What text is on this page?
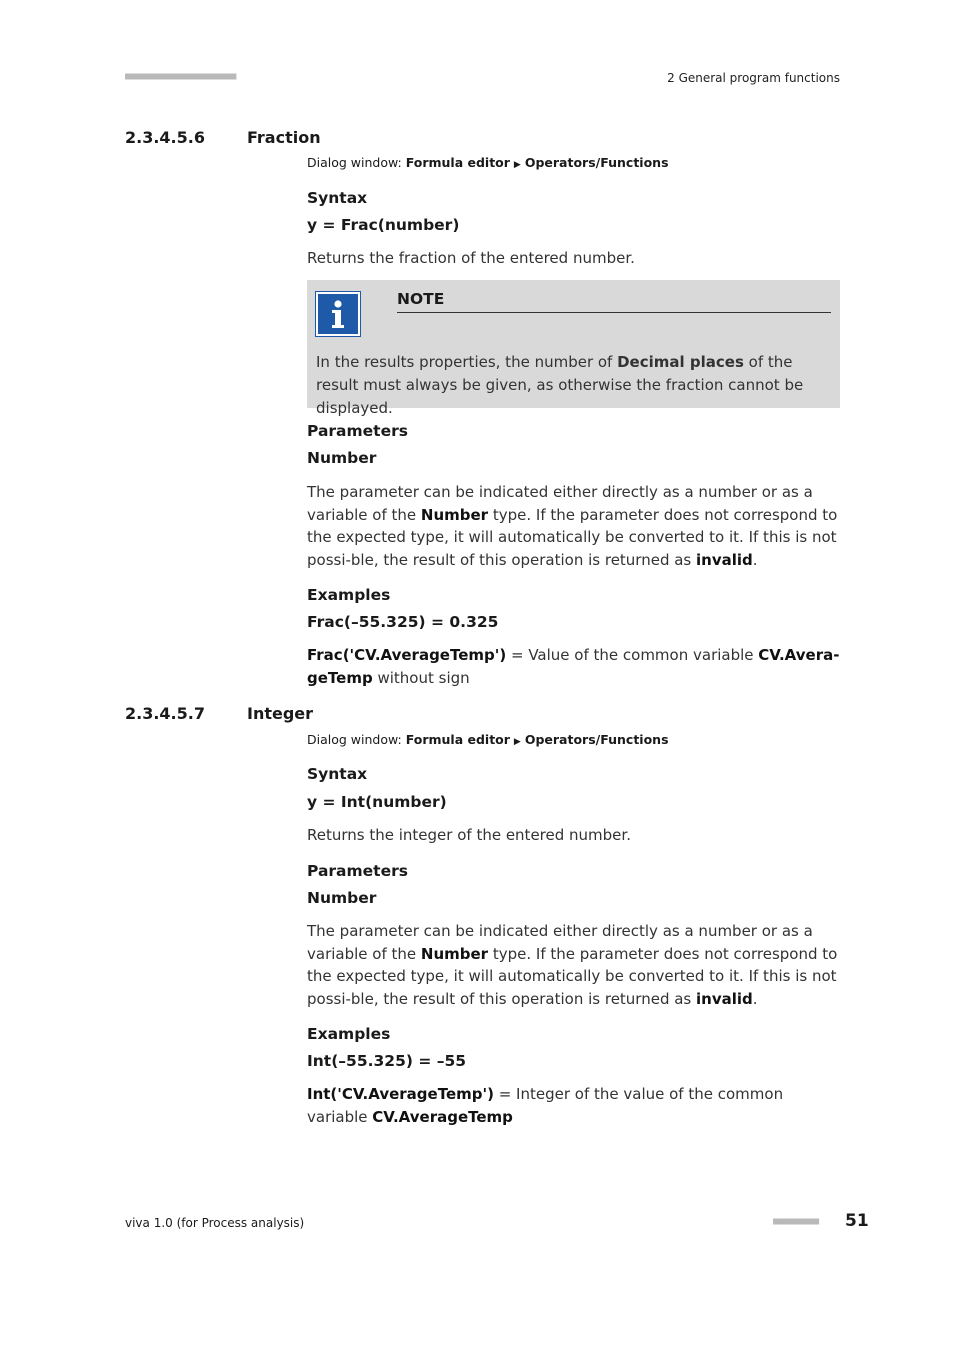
■■■■■■■■■■■■■■■■■■■■■■	2 General program functions
2.3.4.5.6	Fraction
Dialog window: Formula editor ▶ Operators/Functions
Syntax
y = Frac(number)
Returns the fraction of the entered number.
NOTE
In the results properties, the number of Decimal places of the result must always be given, as otherwise the fraction cannot be displayed.
Parameters
Number
The parameter can be indicated either directly as a number or as a variable of the Number type. If the parameter does not correspond to the expected type, it will automatically be converted to it. If this is not possi-ble, the result of this operation is returned as invalid.
Examples
Frac(–55.325) = 0.325
Frac('CV.AverageTemp') = Value of the common variable CV.Avera-geTemp without sign
2.3.4.5.7	Integer
Dialog window: Formula editor ▶ Operators/Functions
Syntax
y = Int(number)
Returns the integer of the entered number.
Parameters
Number
The parameter can be indicated either directly as a number or as a variable of the Number type. If the parameter does not correspond to the expected type, it will automatically be converted to it. If this is not possi-ble, the result of this operation is returned as invalid.
Examples
Int(–55.325) = –55
Int('CV.AverageTemp') = Integer of the value of the common variable CV.AverageTemp
viva 1.0 (for Process analysis)	■■■■■■■■■ 51
